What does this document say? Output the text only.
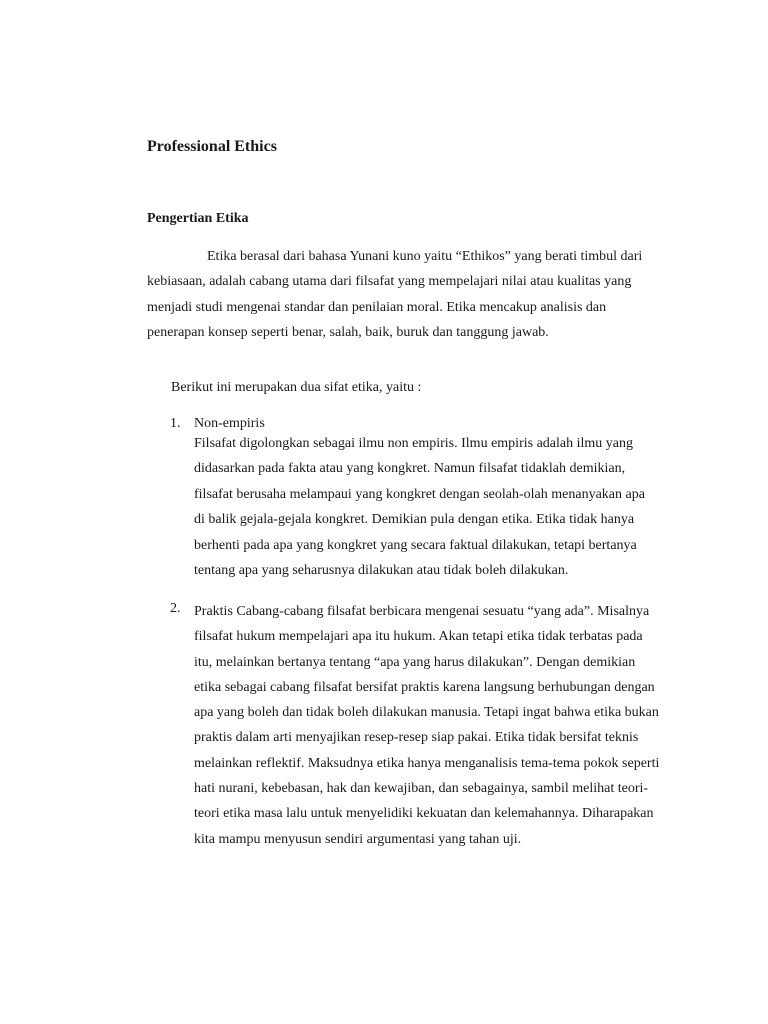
Professional Ethics
Pengertian Etika

Etika berasal dari bahasa Yunani kuno yaitu “Ethikos” yang berati timbul dari kebiasaan, adalah cabang utama dari filsafat yang mempelajari nilai atau kualitas yang menjadi studi mengenai standar dan penilaian moral. Etika mencakup analisis dan penerapan konsep seperti benar, salah, baik, buruk dan tanggung jawab.

Berikut ini merupakan dua sifat etika, yaitu :

1. Non-empiris
Filsafat digolongkan sebagai ilmu non empiris. Ilmu empiris adalah ilmu yang didasarkan pada fakta atau yang kongkret. Namun filsafat tidaklah demikian, filsafat berusaha melampaui yang kongkret dengan seolah-olah menanyakan apa di balik gejala-gejala kongkret. Demikian pula dengan etika. Etika tidak hanya berhenti pada apa yang kongkret yang secara faktual dilakukan, tetapi bertanya tentang apa yang seharusnya dilakukan atau tidak boleh dilakukan.
2. Praktis Cabang-cabang filsafat berbicara mengenai sesuatu “yang ada”. Misalnya filsafat hukum mempelajari apa itu hukum. Akan tetapi etika tidak terbatas pada itu, melainkan bertanya tentang “apa yang harus dilakukan”. Dengan demikian etika sebagai cabang filsafat bersifat praktis karena langsung berhubungan dengan apa yang boleh dan tidak boleh dilakukan manusia. Tetapi ingat bahwa etika bukan praktis dalam arti menyajikan resep-resep siap pakai. Etika tidak bersifat teknis melainkan reflektif. Maksudnya etika hanya menganalisis tema-tema pokok seperti hati nurani, kebebasan, hak dan kewajiban, dan sebagainya, sambil melihat teori-teori etika masa lalu untuk menyelidiki kekuatan dan kelemahannya. Diharapakan kita mampu menyusun sendiri argumentasi yang tahan uji.
